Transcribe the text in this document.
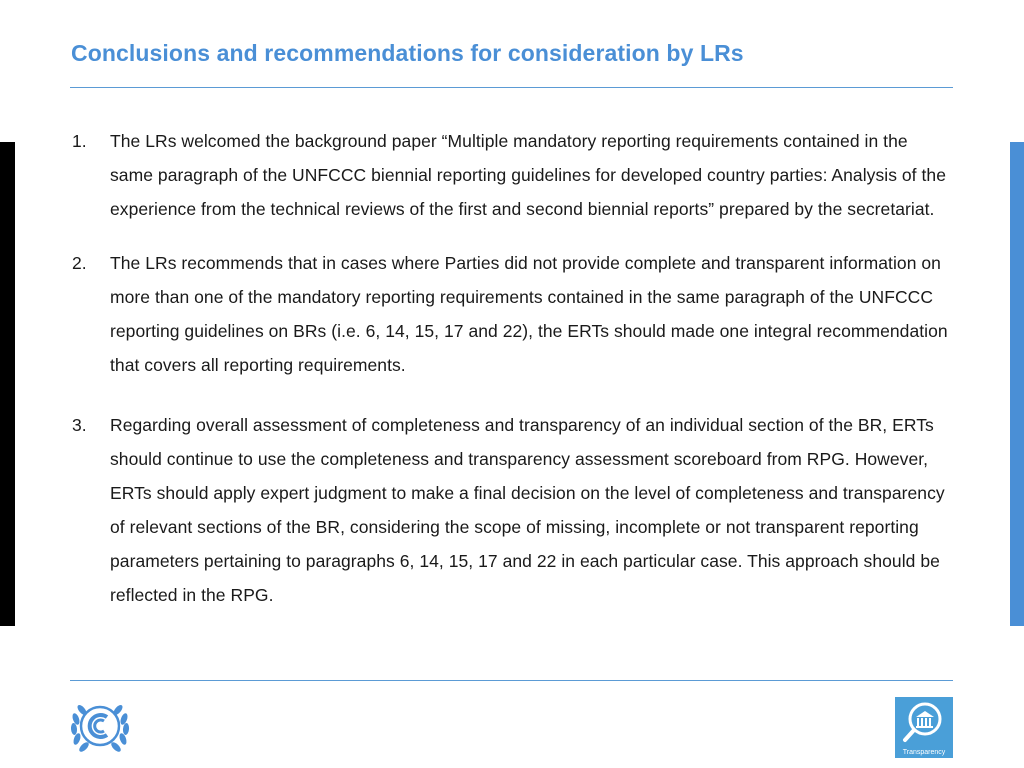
Conclusions and recommendations for consideration by LRs
1. The LRs welcomed the background paper “Multiple mandatory reporting requirements contained in the same paragraph of the UNFCCC biennial reporting guidelines for developed country parties: Analysis of the experience from the technical reviews of the first and second biennial reports” prepared by the secretariat.
2. The LRs recommends that in cases where Parties did not provide complete and transparent information on more than one of the mandatory reporting requirements contained in the same paragraph of the UNFCCC reporting guidelines on BRs (i.e. 6, 14, 15, 17 and 22), the ERTs should made one integral recommendation that covers all reporting requirements.
3. Regarding overall assessment of completeness and transparency of an individual section of the BR, ERTs should continue to use the completeness and transparency assessment scoreboard from RPG. However, ERTs should apply expert judgment to make a final decision on the level of completeness and transparency of relevant sections of the BR, considering the scope of missing, incomplete or not transparent reporting parameters pertaining to paragraphs 6, 14, 15, 17 and 22 in each particular case. This approach should be reflected in the RPG.
Transparency
